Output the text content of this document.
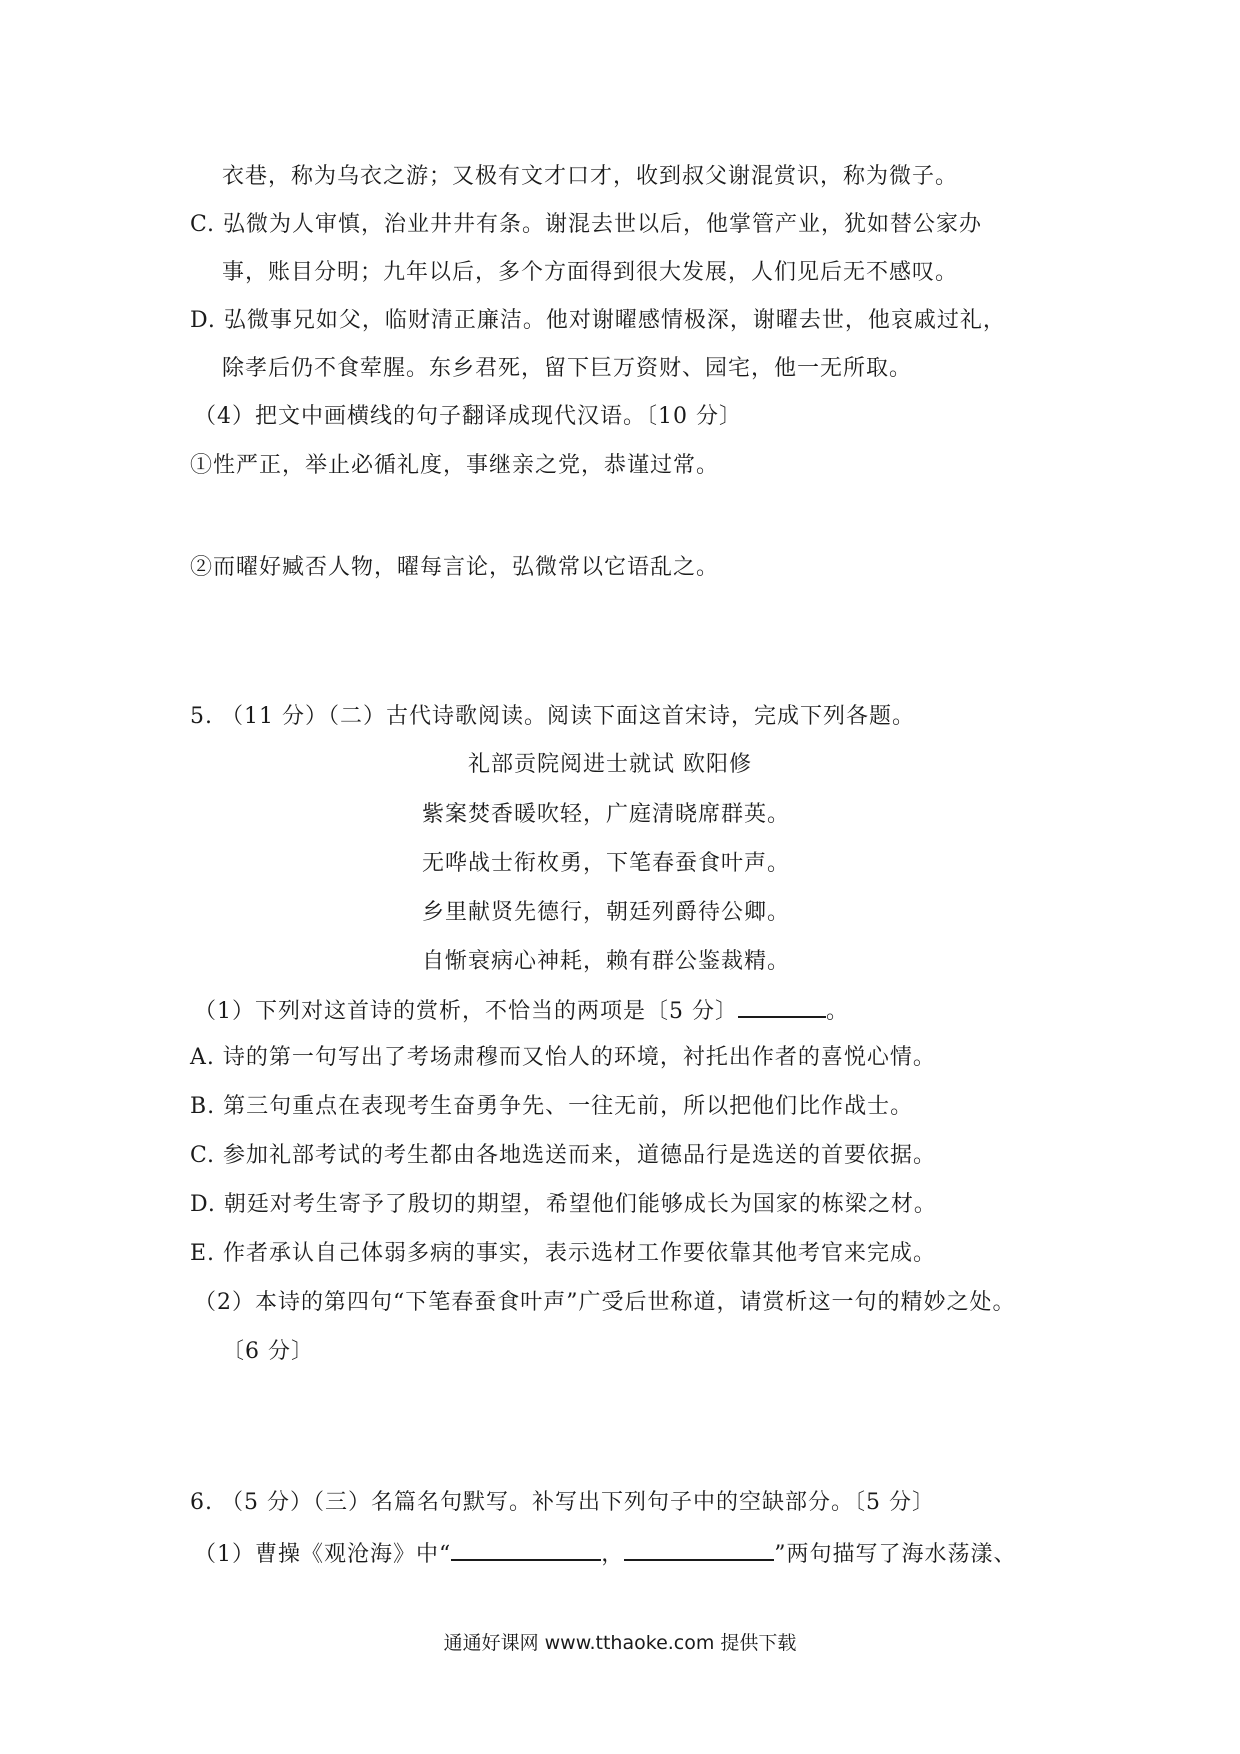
衣巷，称为乌衣之游；又极有文才口才，收到叔父谢混赏识，称为微子。
C. 弘微为人审慎，治业井井有条。谢混去世以后，他掌管产业，犹如替公家办
事，账目分明；九年以后，多个方面得到很大发展，人们见后无不感叹。
D. 弘微事兄如父，临财清正廉洁。他对谢曜感情极深，谢曜去世，他哀戚过礼，
除孝后仍不食荤腥。东乡君死，留下巨万资财、园宅，他一无所取。
（4）把文中画横线的句子翻译成现代汉语。〔10 分〕
①性严正，举止必循礼度，事继亲之党，恭谨过常。
②而曜好臧否人物，曜每言论，弘微常以它语乱之。
5. （11 分）（二）古代诗歌阅读。阅读下面这首宋诗，完成下列各题。
礼部贡院阅进士就试 欧阳修
紫案焚香暖吹轻，广庭清晓席群英。
无哗战士衔枚勇，下笔春蚕食叶声。
乡里献贤先德行，朝廷列爵待公卿。
自惭衰病心神耗，赖有群公鉴裁精。
（1）下列对这首诗的赏析，不恰当的两项是〔5 分〕	。
A. 诗的第一句写出了考场肃穆而又怡人的环境，衬托出作者的喜悦心情。
B. 第三句重点在表现考生奋勇争先、一往无前，所以把他们比作战士。
C. 参加礼部考试的考生都由各地选送而来，道德品行是选送的首要依据。
D. 朝廷对考生寄予了殷切的期望，希望他们能够成长为国家的栋梁之材。
E. 作者承认自己体弱多病的事实，表示选材工作要依靠其他考官来完成。
（2）本诗的第四句“下笔春蚕食叶声”广受后世称道，请赏析这一句的精妙之处。
〔6 分〕
6. （5 分）（三）名篇名句默写。补写出下列句子中的空缺部分。〔5 分〕
（1）曹操《观沧海》中“	，	”两句描写了海水荡漾、
通通好课网 www.tthaoke.com 提供下载
